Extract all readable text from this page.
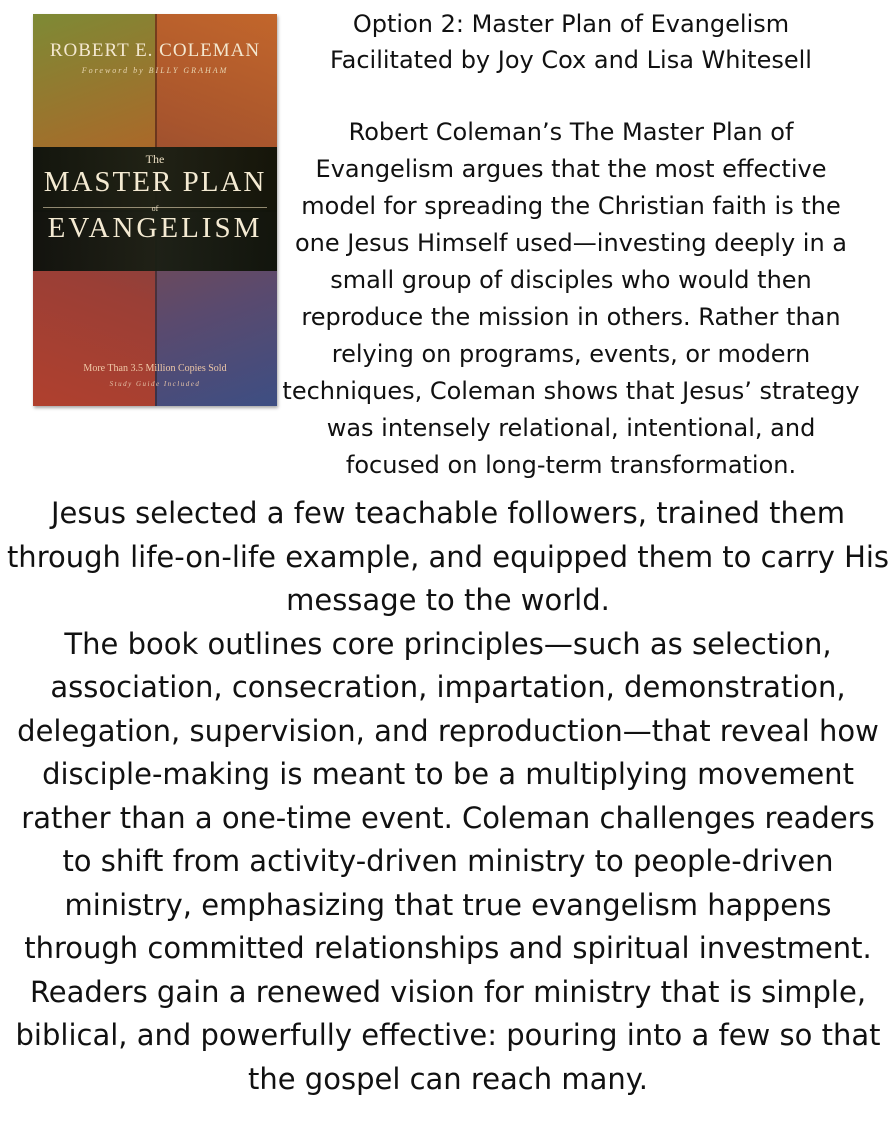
ROBERT E. COLEMAN
Foreword by BILLY GRAHAM
The
MASTER PLAN
of
EVANGELISM
More Than 3.5 Million Copies Sold
Study Guide Included
Option 2: Master Plan of Evangelism
Facilitated by Joy Cox and Lisa Whitesell

Robert Coleman’s The Master Plan of Evangelism argues that the most effective model for spreading the Christian faith is the one Jesus Himself used—investing deeply in a small group of disciples who would then reproduce the mission in others. Rather than relying on programs, events, or modern techniques, Coleman shows that Jesus’ strategy was intensely relational, intentional, and focused on long-term transformation.

Jesus selected a few teachable followers, trained them through life-on-life example, and equipped them to carry His message to the world.

The book outlines core principles—such as selection, association, consecration, impartation, demonstration, delegation, supervision, and reproduction—that reveal how disciple-making is meant to be a multiplying movement rather than a one-time event. Coleman challenges readers to shift from activity-driven ministry to people-driven ministry, emphasizing that true evangelism happens through committed relationships and spiritual investment. Readers gain a renewed vision for ministry that is simple, biblical, and powerfully effective: pouring into a few so that the gospel can reach many.
